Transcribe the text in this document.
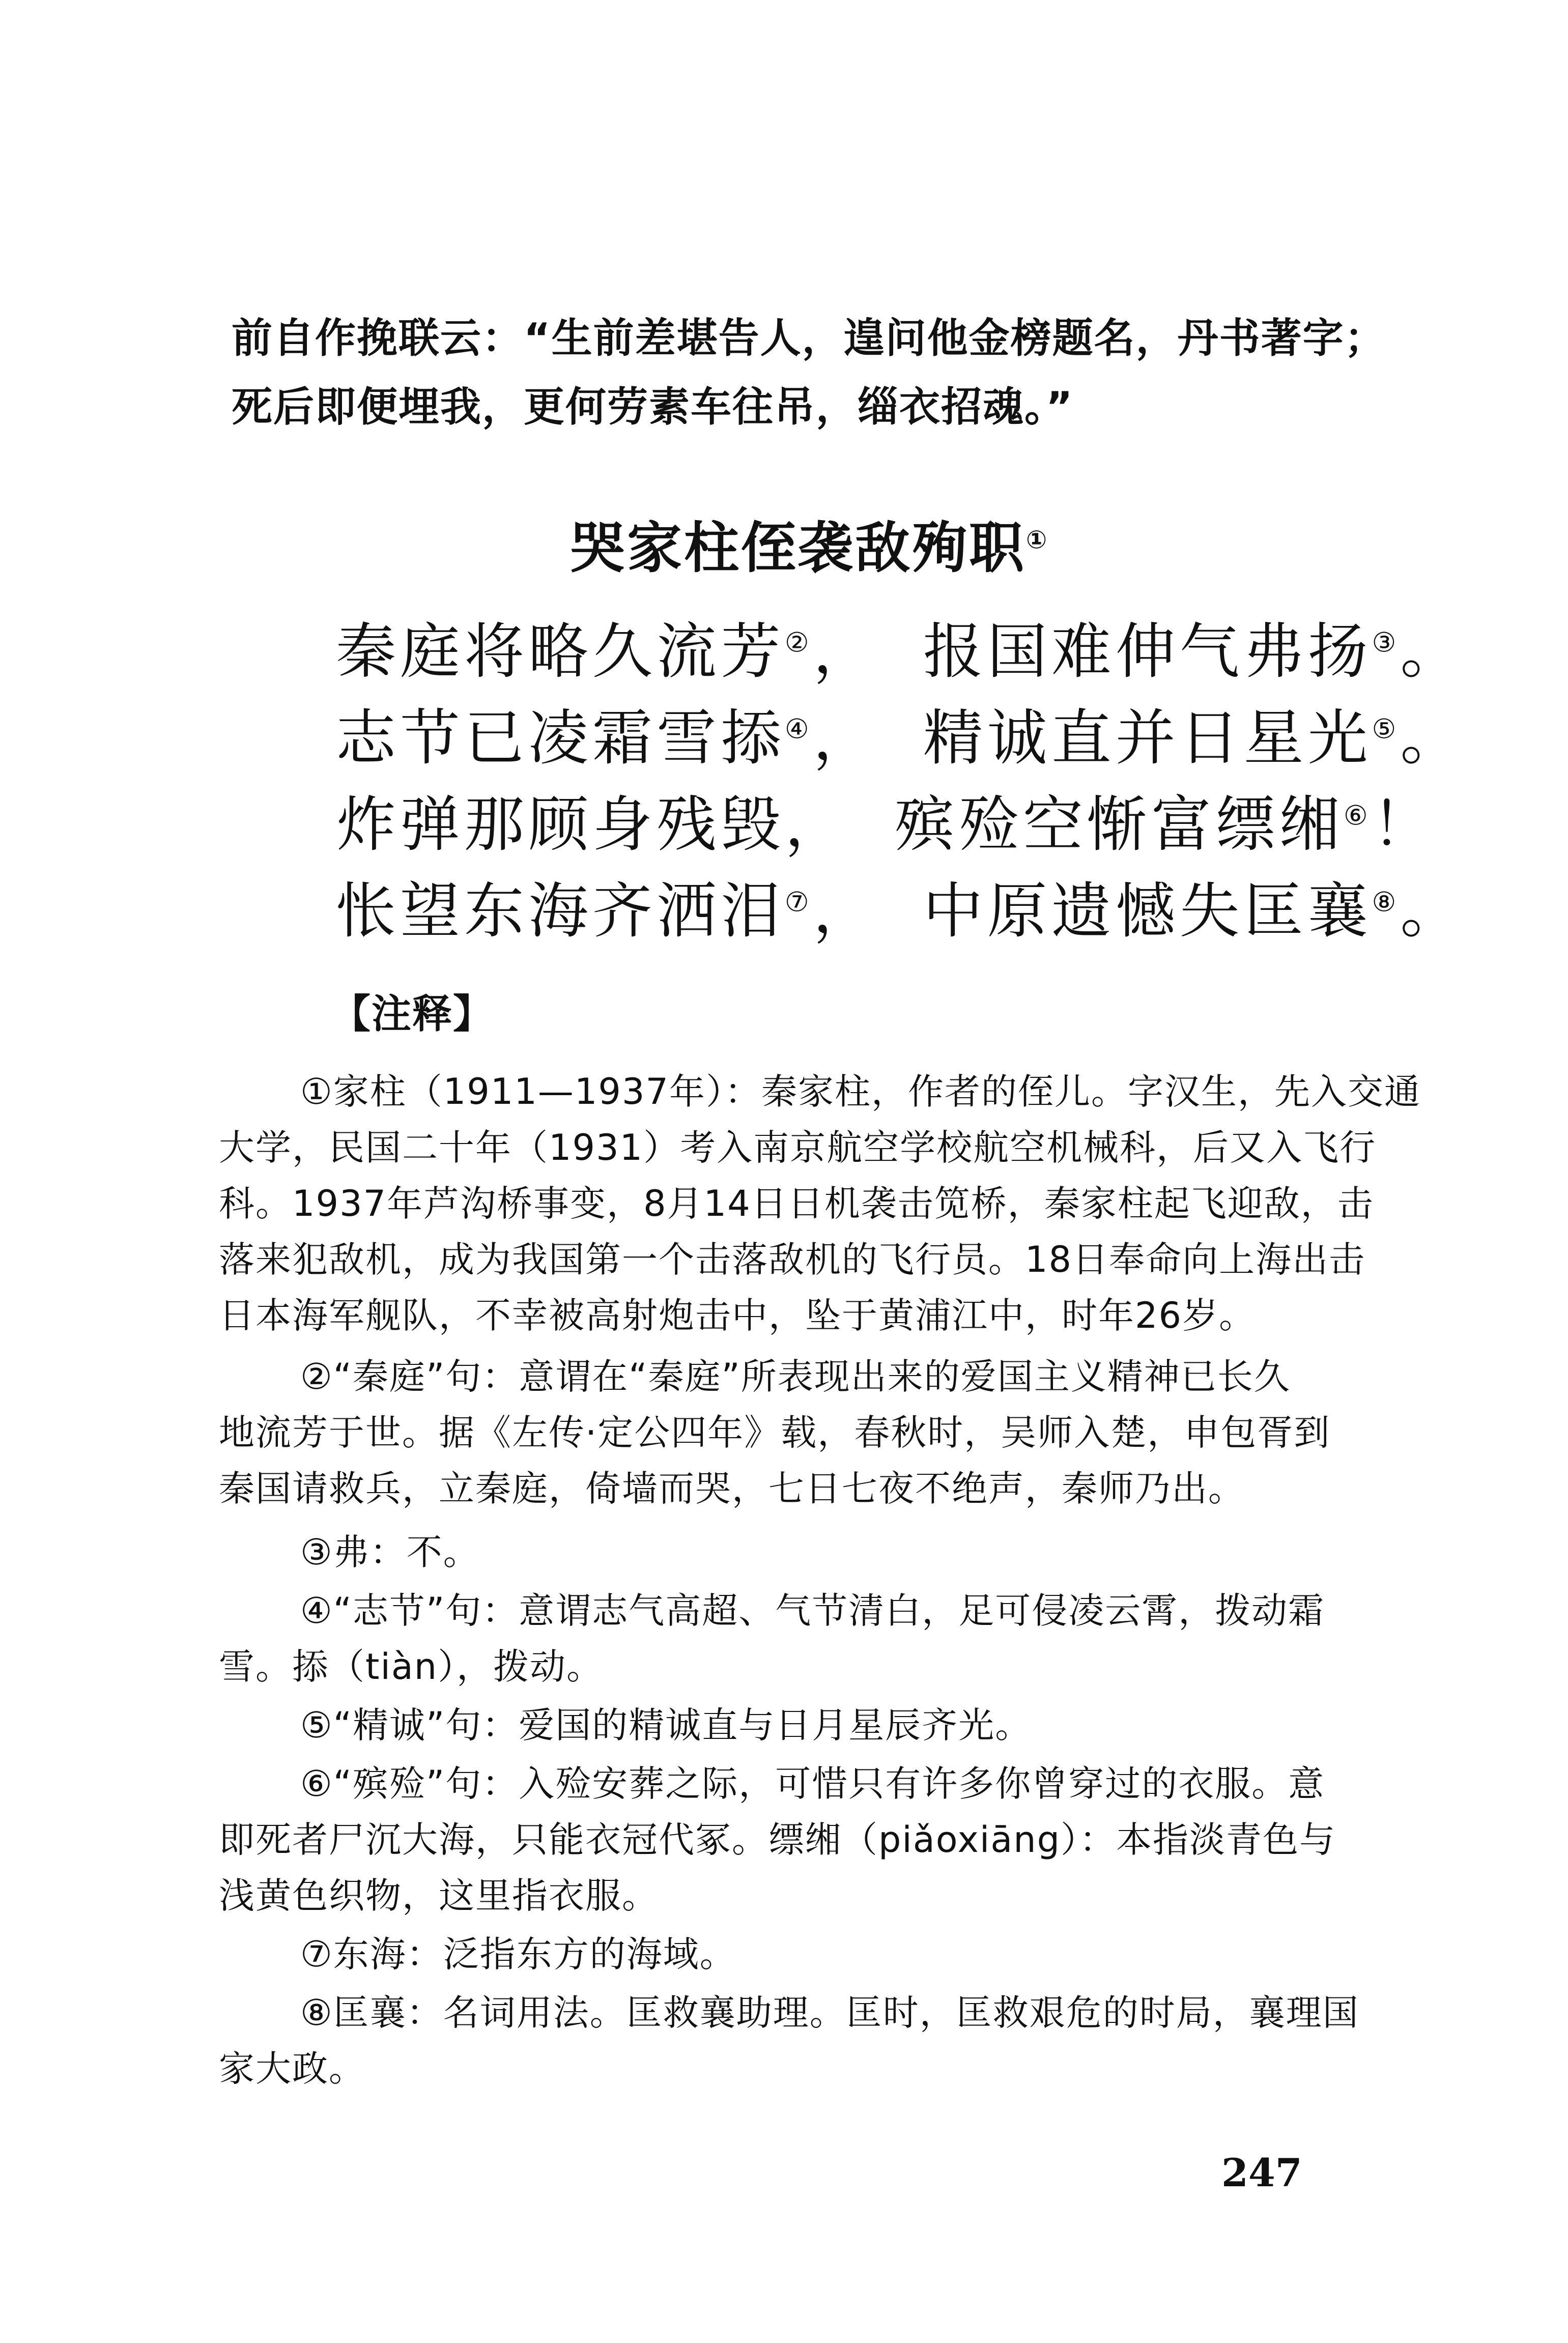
前自作挽联云：“生前差堪告人，遑问他金榜题名，丹书著字；
死后即便埋我，更何劳素车往吊，缁衣招魂。”
哭家柱侄袭敌殉职①
秦庭将略久流芳②， 报国难伸气弗扬③。
志节已凌霜雪掭④， 精诚直并日星光⑤。
炸弹那顾身残毁， 殡殓空惭富缥缃⑥！
怅望东海齐洒泪⑦， 中原遗憾失匡襄⑧。
【注释】
①家柱（1911—1937年）：秦家柱，作者的侄儿。字汉生，先入交通
大学，民国二十年（1931）考入南京航空学校航空机械科，后又入飞行
科。1937年芦沟桥事变，8月14日日机袭击笕桥，秦家柱起飞迎敌，击
落来犯敌机，成为我国第一个击落敌机的飞行员。18日奉命向上海出击
日本海军舰队，不幸被高射炮击中，坠于黄浦江中，时年26岁。
②“秦庭”句：意谓在“秦庭”所表现出来的爱国主义精神已长久
地流芳于世。据《左传·定公四年》载，春秋时，吴师入楚，申包胥到
秦国请救兵，立秦庭，倚墙而哭，七日七夜不绝声，秦师乃出。
③弗：不。
④“志节”句：意谓志气高超、气节清白，足可侵凌云霄，拨动霜
雪。掭（tiàn），拨动。
⑤“精诚”句：爱国的精诚直与日月星辰齐光。
⑥“殡殓”句：入殓安葬之际，可惜只有许多你曾穿过的衣服。意
即死者尸沉大海，只能衣冠代冢。缥缃（piǎoxiāng）：本指淡青色与
浅黄色织物，这里指衣服。
⑦东海：泛指东方的海域。
⑧匡襄：名词用法。匡救襄助理。匡时，匡救艰危的时局，襄理国
家大政。
247
